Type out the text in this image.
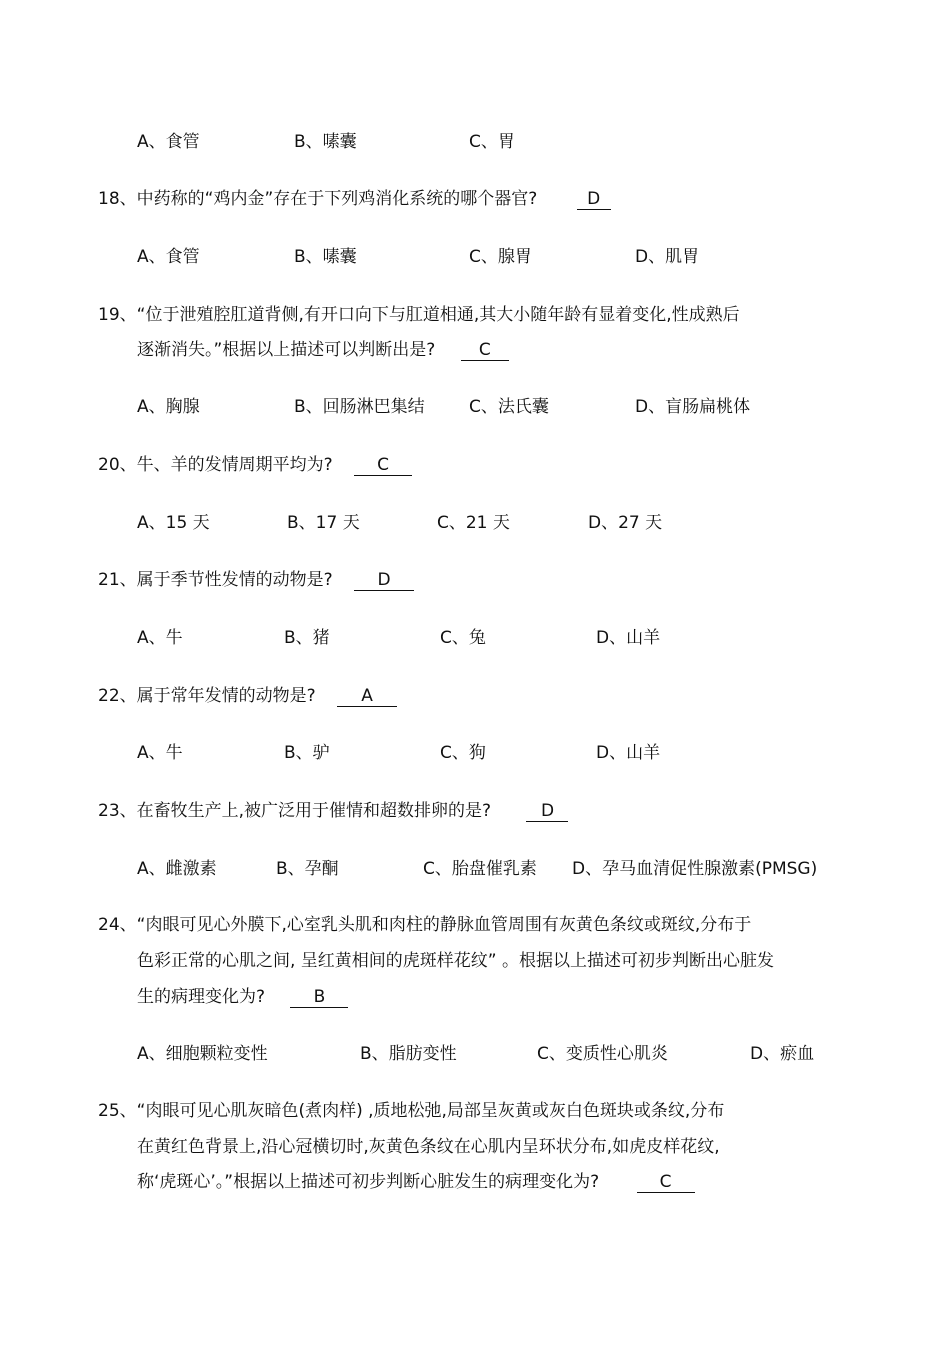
A、食管	B、嗉囊	C、胃
18、中药称的“鸡内金”存在于下列鸡消化系统的哪个器官?	D
A、食管	B、嗉囊	C、腺胃	D、肌胃
19、“位于泄殖腔肛道背侧,有开口向下与肛道相通,其大小随年龄有显着变化,性成熟后
逐渐消失。”根据以上描述可以判断出是?	C
A、胸腺	B、回肠淋巴集结	C、法氏囊	D、盲肠扁桃体
20、牛、羊的发情周期平均为?	C
A、15 天	B、17 天	C、21 天	D、27 天
21、属于季节性发情的动物是?	D
A、牛	B、猪	C、兔	D、山羊
22、属于常年发情的动物是?	A
A、牛	B、驴	C、狗	D、山羊
23、在畜牧生产上,被广泛用于催情和超数排卵的是?	D
A、雌激素	B、孕酮	C、胎盘催乳素 D、孕马血清促性腺激素(PMSG)
24、“肉眼可见心外膜下,心室乳头肌和肉柱的静脉血管周围有灰黄色条纹或斑纹,分布于
色彩正常的心肌之间, 呈红黄相间的虎斑样花纹” 。根据以上描述可初步判断出心脏发
生的病理变化为?	B
A、细胞颗粒变性	B、脂肪变性	C、变质性心肌炎	D、瘀血
25、“肉眼可见心肌灰暗色(煮肉样) ,质地松弛,局部呈灰黄或灰白色斑块或条纹,分布
在黄红色背景上,沿心冠横切时,灰黄色条纹在心肌内呈环状分布,如虎皮样花纹,
称‘虎斑心’。”根据以上描述可初步判断心脏发生的病理变化为?	C
